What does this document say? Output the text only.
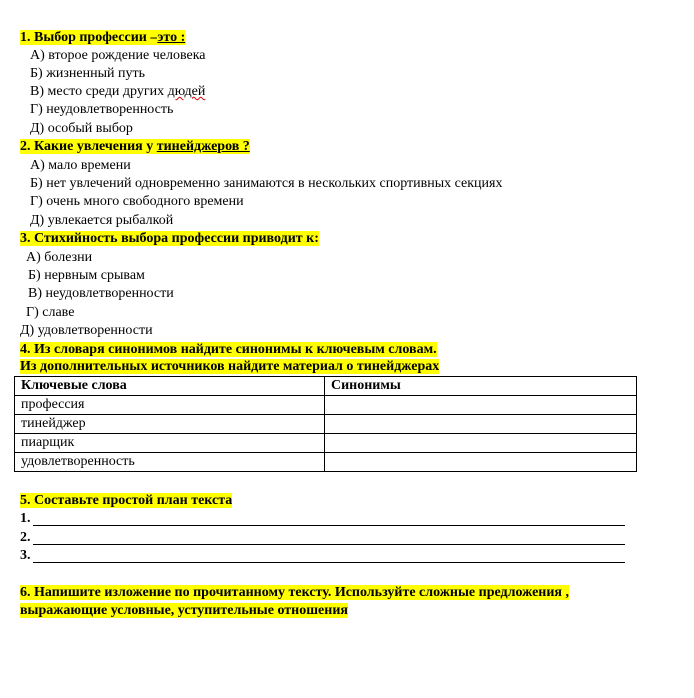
1. Выбор профессии –это :
А) второе рождение человека
Б) жизненный путь
В) место среди других дюдей
Г) неудовлетворенность
Д) особый выбор
2. Какие увлечения у тинейджеров ?
А) мало времени
Б) нет увлечений одновременно занимаются в нескольких спортивных секциях
Г) очень много свободного времени
Д) увлекается рыбалкой
3. Стихийность выбора профессии приводит к:
А) болезни
Б) нервным срывам
В) неудовлетворенности
Г) славе
Д) удовлетворенности
4. Из словаря синонимов найдите синонимы к ключевым словам.
Из дополнительных источников найдите материал о тинейджерах
Ключевые слова	Синонимы
профессия	
тинейджер	
пиарщик	
удовлетворенность	
5. Составьте простой план текста
1.
2.
3.
6. Напишите изложение по прочитанному тексту. Используйте сложные предложения ,
выражающие условные, уступительные отношения
